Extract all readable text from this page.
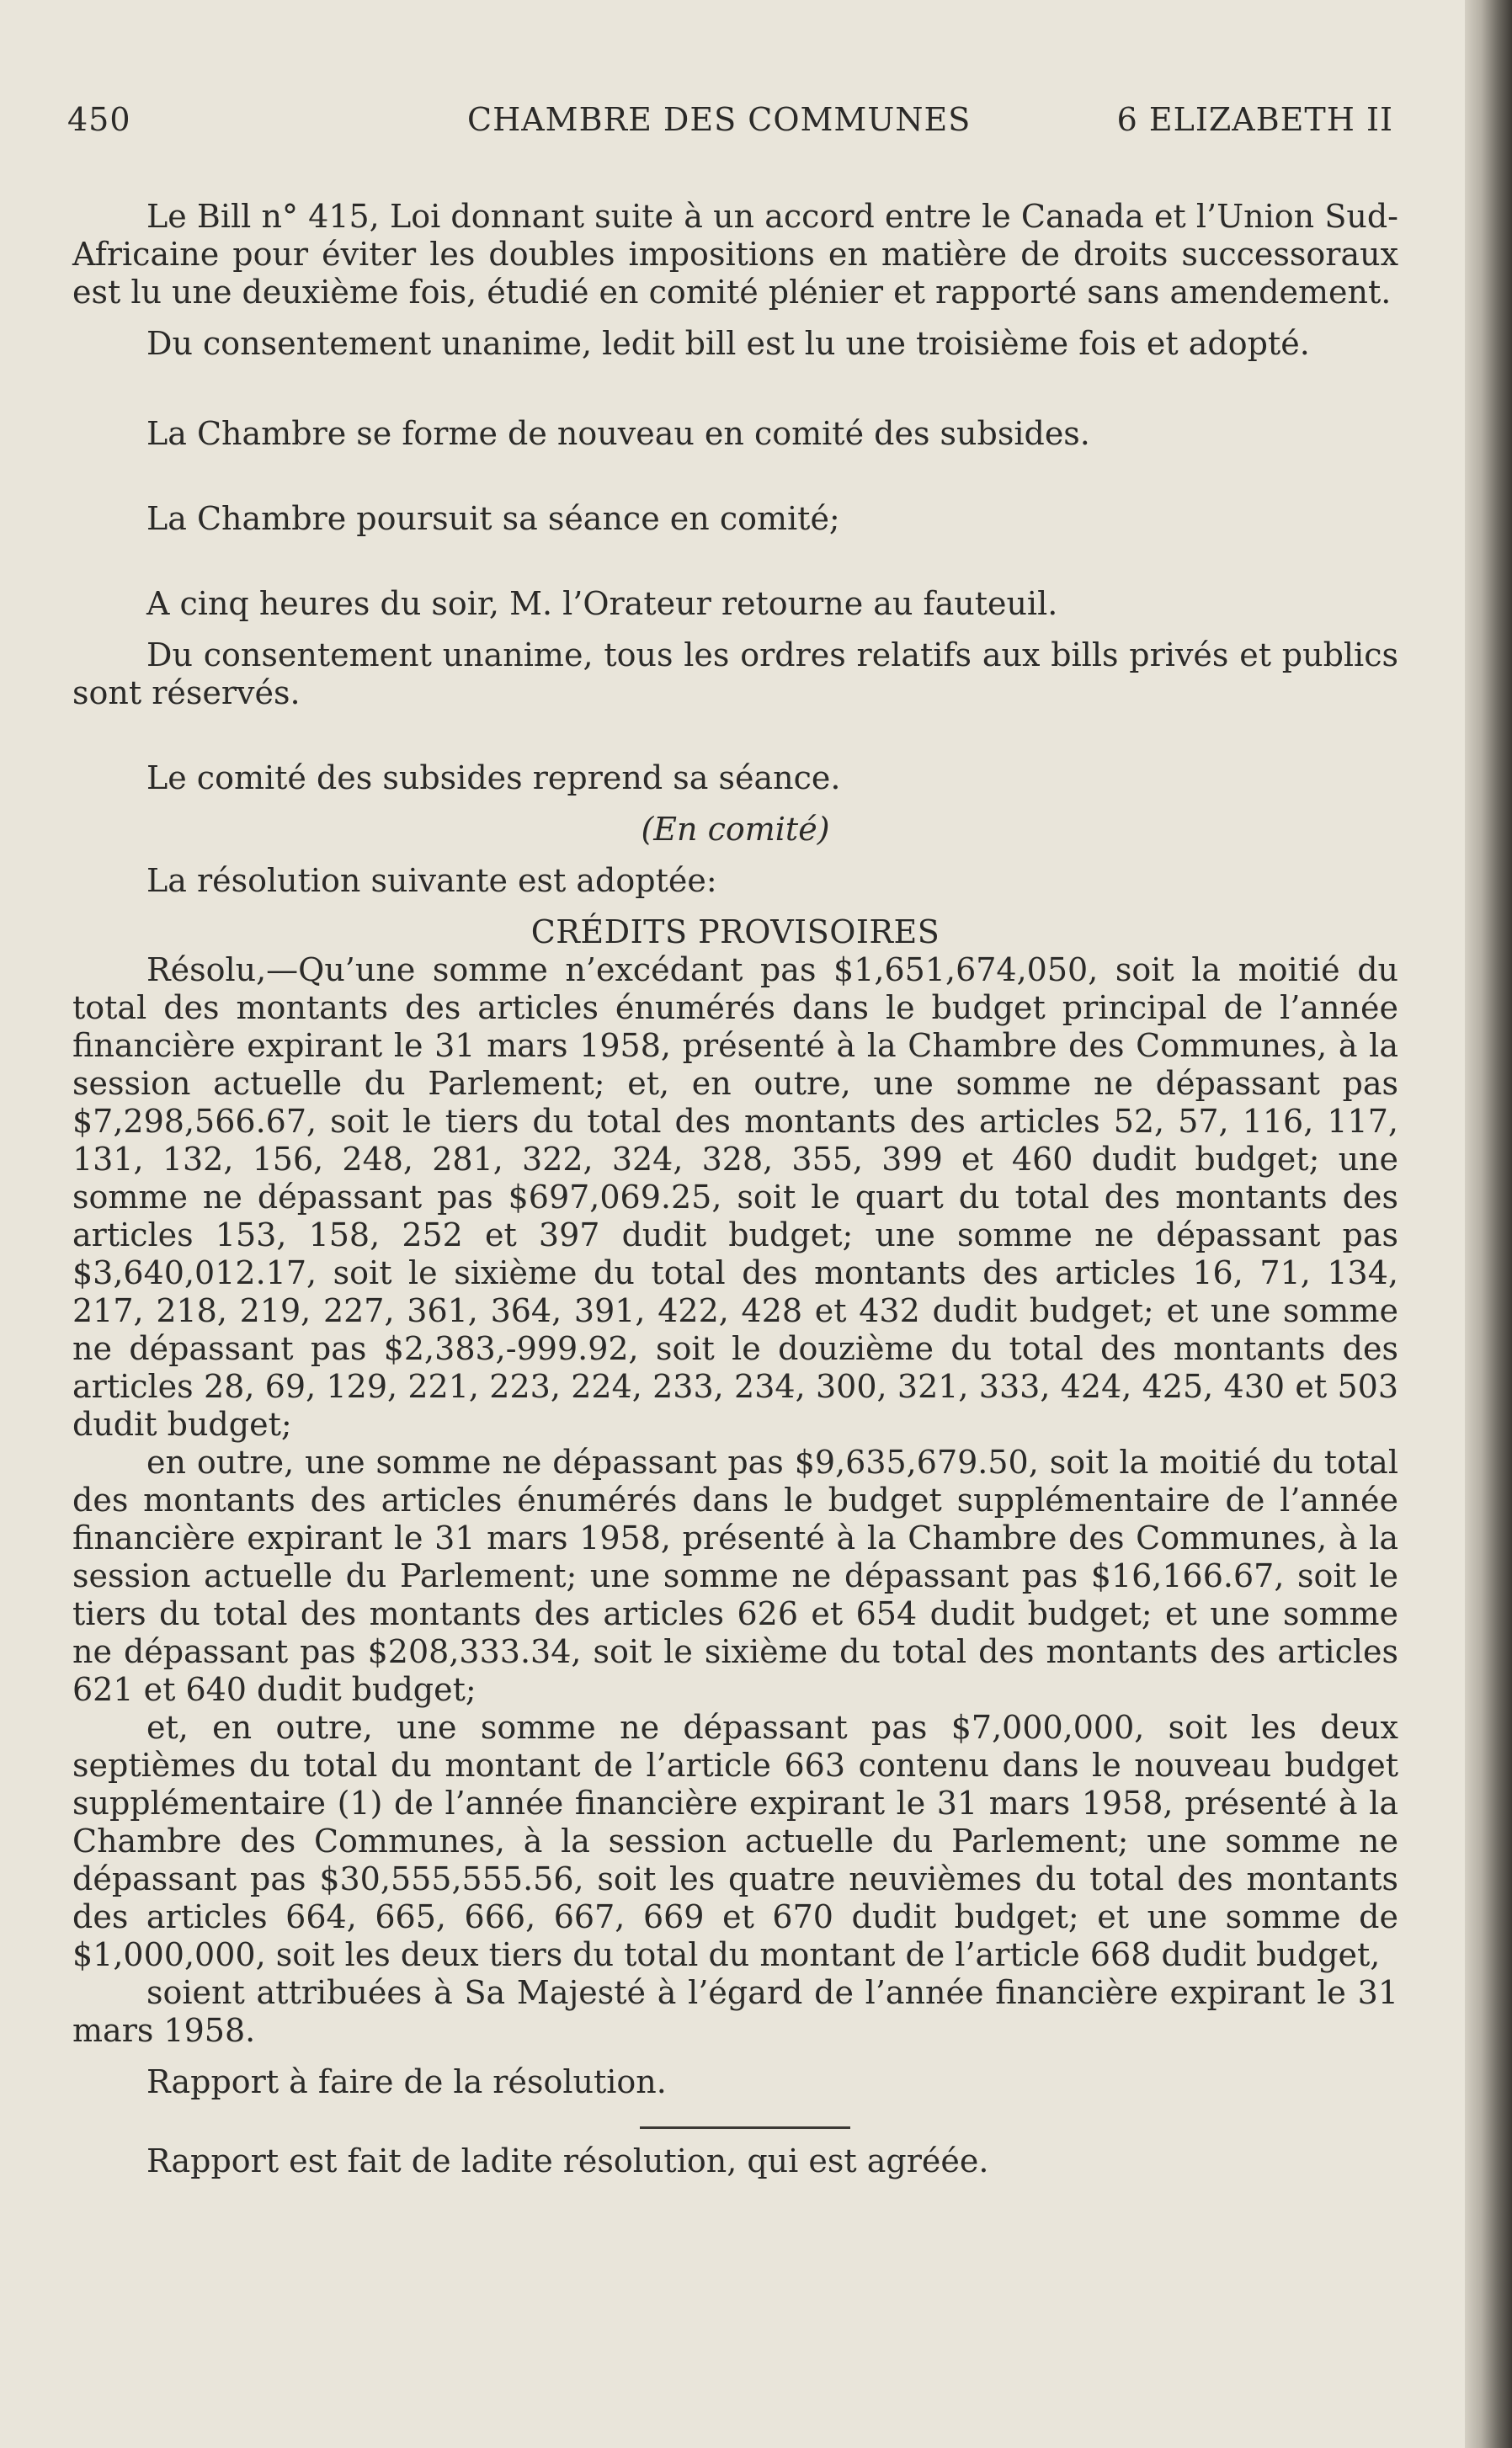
450	CHAMBRE DES COMMUNES	6 ELIZABETH II

Le Bill n° 415, Loi donnant suite à un accord entre le Canada et l’Union Sud-Africaine pour éviter les doubles impositions en matière de droits successoraux est lu une deuxième fois, étudié en comité plénier et rapporté sans amendement.

Du consentement unanime, ledit bill est lu une troisième fois et adopté.

La Chambre se forme de nouveau en comité des subsides.

La Chambre poursuit sa séance en comité;

A cinq heures du soir, M. l’Orateur retourne au fauteuil.

Du consentement unanime, tous les ordres relatifs aux bills privés et publics sont réservés.

Le comité des subsides reprend sa séance.

(En comité)

La résolution suivante est adoptée:

CRÉDITS PROVISOIRES

Résolu,—Qu’une somme n’excédant pas $1,651,674,050, soit la moitié du total des montants des articles énumérés dans le budget principal de l’année financière expirant le 31 mars 1958, présenté à la Chambre des Communes, à la session actuelle du Parlement; et, en outre, une somme ne dépassant pas $7,298,566.67, soit le tiers du total des montants des articles 52, 57, 116, 117, 131, 132, 156, 248, 281, 322, 324, 328, 355, 399 et 460 dudit budget; une somme ne dépassant pas $697,069.25, soit le quart du total des montants des articles 153, 158, 252 et 397 dudit budget; une somme ne dépassant pas $3,640,012.17, soit le sixième du total des montants des articles 16, 71, 134, 217, 218, 219, 227, 361, 364, 391, 422, 428 et 432 dudit budget; et une somme ne dépassant pas $2,383,-999.92, soit le douzième du total des montants des articles 28, 69, 129, 221, 223, 224, 233, 234, 300, 321, 333, 424, 425, 430 et 503 dudit budget;

en outre, une somme ne dépassant pas $9,635,679.50, soit la moitié du total des montants des articles énumérés dans le budget supplémentaire de l’année financière expirant le 31 mars 1958, présenté à la Chambre des Communes, à la session actuelle du Parlement; une somme ne dépassant pas $16,166.67, soit le tiers du total des montants des articles 626 et 654 dudit budget; et une somme ne dépassant pas $208,333.34, soit le sixième du total des montants des articles 621 et 640 dudit budget;

et, en outre, une somme ne dépassant pas $7,000,000, soit les deux septièmes du total du montant de l’article 663 contenu dans le nouveau budget supplémentaire (1) de l’année financière expirant le 31 mars 1958, présenté à la Chambre des Communes, à la session actuelle du Parlement; une somme ne dépassant pas $30,555,555.56, soit les quatre neuvièmes du total des montants des articles 664, 665, 666, 667, 669 et 670 dudit budget; et une somme de $1,000,000, soit les deux tiers du total du montant de l’article 668 dudit budget,

soient attribuées à Sa Majesté à l’égard de l’année financière expirant le 31 mars 1958.

Rapport à faire de la résolution.

Rapport est fait de ladite résolution, qui est agréée.
